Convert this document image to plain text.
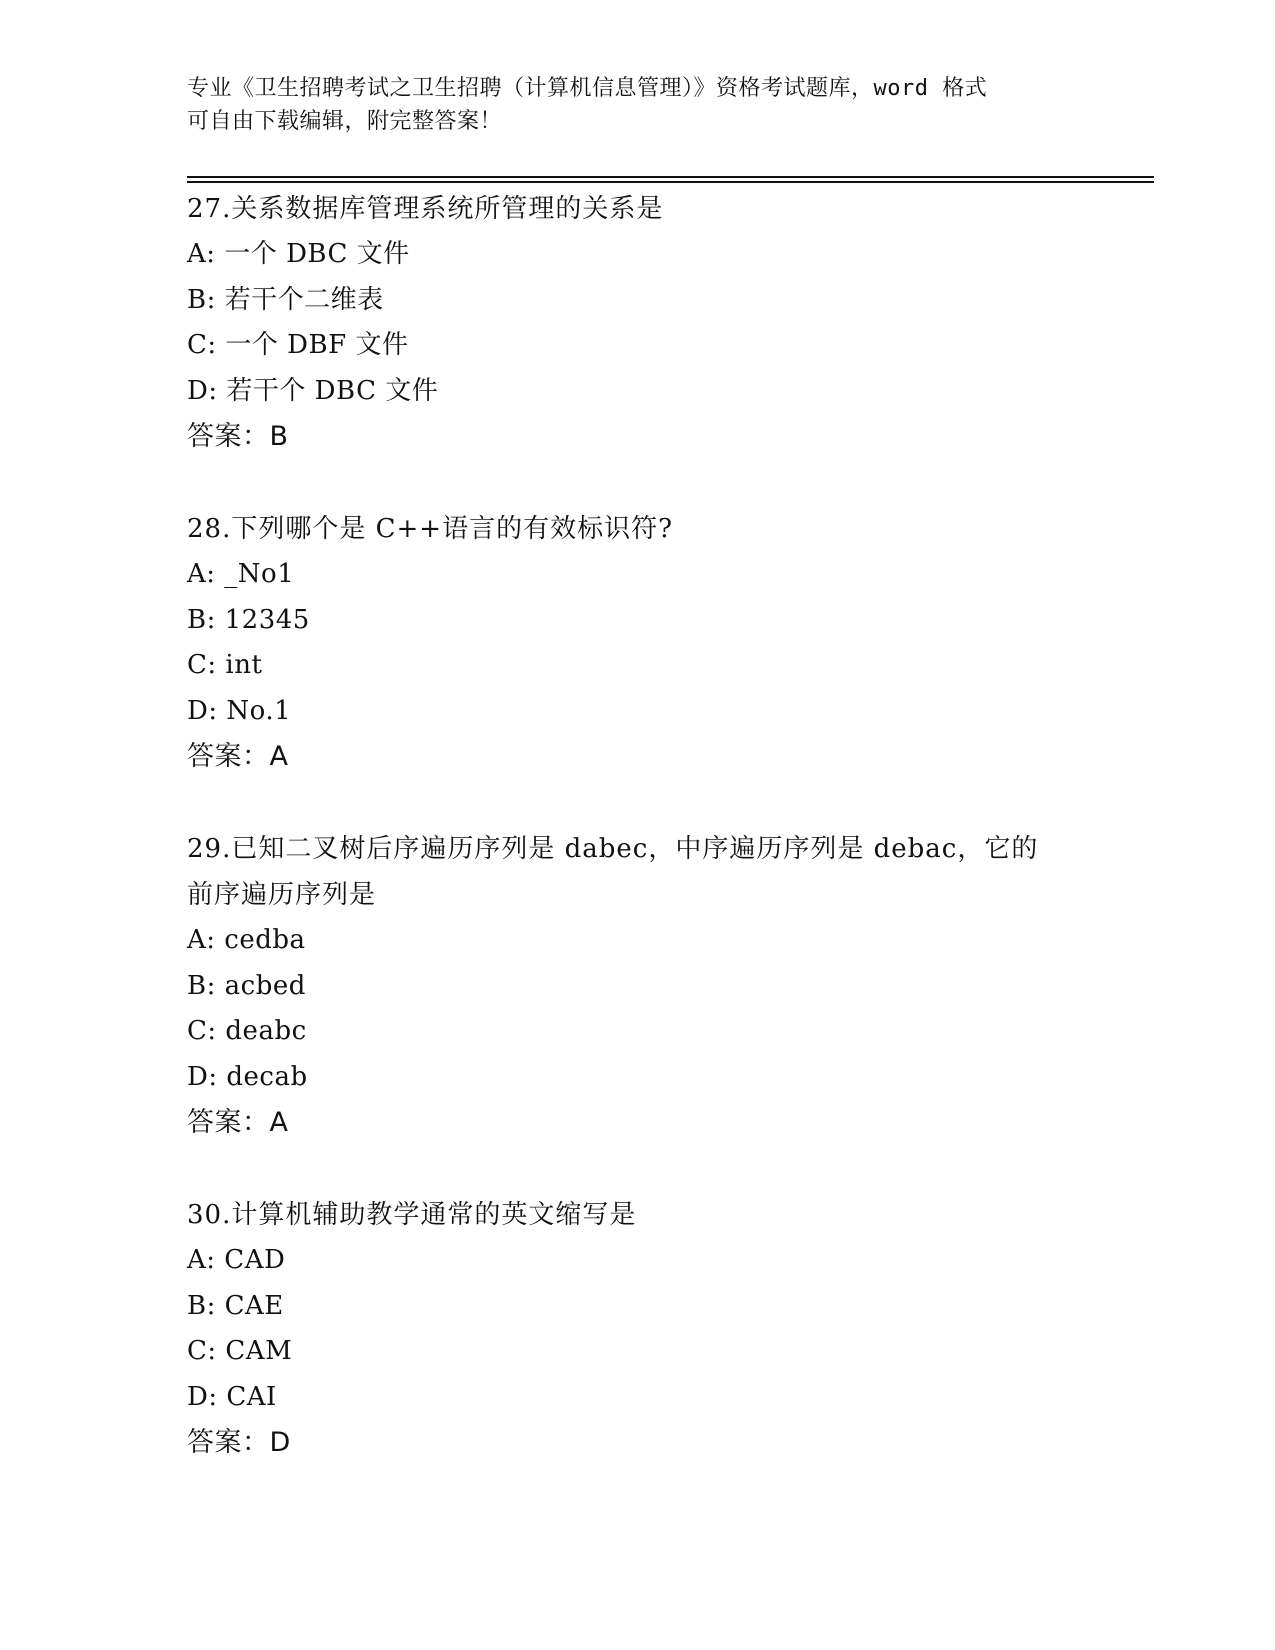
专业《卫生招聘考试之卫生招聘（计算机信息管理）》资格考试题库，word 格式
可自由下载编辑，附完整答案！
27.关系数据库管理系统所管理的关系是
A: 一个 DBC 文件
B: 若干个二维表
C: 一个 DBF 文件
D: 若干个 DBC 文件
答案：B
28.下列哪个是 C++语言的有效标识符?
A: _No1
B: 12345
C: int
D: No.1
答案：A
29.已知二叉树后序遍历序列是 dabec，中序遍历序列是 debac，它的前序遍历序列是
A: cedba
B: acbed
C: deabc
D: decab
答案：A
30.计算机辅助教学通常的英文缩写是
A: CAD
B: CAE
C: CAM
D: CAI
答案：D
